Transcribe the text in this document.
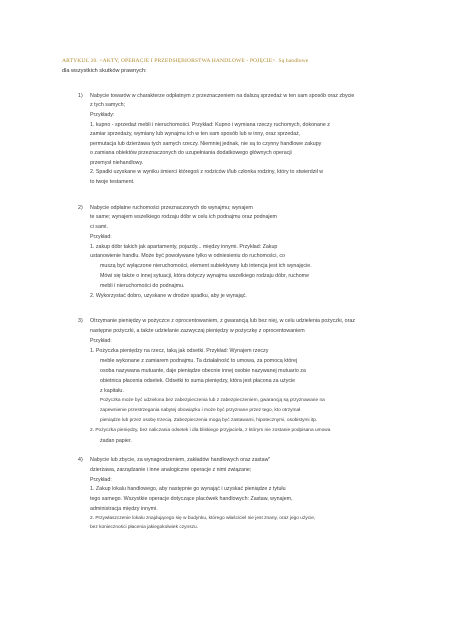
ARTYKUŁ 20. <AKTY, OPERACJE I PRZEDSIĘBIORSTWA HANDLOWE - POJĘCIE>. Są handlowe
dla wszystkich skutków prawnych:
1) Nabycie towarów w charakterze odpłatnym z przeznaczeniem na dalszą sprzedaż w ten sam sposób oraz zbycie
z tych samych;
Przykłady:
1. kupno - sprzedaż mebli i nieruchomości. Przykład: Kupno i wymiana rzeczy ruchomych, dokonane z
zamiar sprzedaży, wymiany lub wynajmu ich w ten sam sposób lub w inny, oraz sprzedaż,
permutacja lub dzierżawa tych samych rzeczy. Niemniej jednak, nie są to czynny handlowe zakupy
o zamiana obiektów przeznaczonych do uzupełniania dodatkowego głównych operacji
przemysł niehandlowy.
2. Spadki uzyskane w wyniku śmierci któregoś z rodziców i/lub członka rodziny, który to stwierdził w
to twoje testament.
2) Nabycie odpłatne ruchomości przeznaczonych do wynajmu; wynajem
te same; wynajem wszelkiego rodzaju dóbr w celu ich podnajmu oraz podnajem
ci sami.
Przykład:
1. zakup dóbr takich jak apartamenty, pojazdy... między innymi. Przykład: Zakup
ustanowienie handlu. Może być powoływane tylko w odniesieniu do ruchomości, co
muszą być wyłączone nieruchomości, element subiektywny lub intencja jest ich wynajęcie.
Mówi się także o innej sytuacji, która dotyczy wynajmu wszelkiego rodzaju dóbr, ruchome
mebli i nieruchomości do podnajmu.
2. Wykorzystać dobro, uzyskane w drodze spadku, aby je wynająć.
3) Otrzymanie pieniędzy w pożyczce z oprocentowaniem, z gwarancją lub bez niej, w celu udzielenia pożyczki, oraz
następne pożyczki, a także udzielanie zazwyczaj pieniędzy w pożyczkę z oprocentowaniem
Przykład:
1. Pożyczka pieniędzy na rzecz, taką jak odsetki. Przykład: Wynajem rzeczy
meble wykonane z zamiarem podnajmu. Ta działalność to umowa, za pomocą której
osoba nazywana mutuante, daje pieniądze obecnie innej osobie nazywanej mutuario za
obietnica płacenia odsetek. Odsetki to suma pieniędzy, która jest płacona za użycie
z kapitału.
Pożyczka może być udzielona bez zabezpieczenia lub z zabezpieczeniem, gwarancją są przyznawane na
zapewnienie przestrzegania nabytej obowiązku i może być przyznane przez tego, kto otrzymał
pieniądze lub przez osobę trzecią. Zabezpieczenia mogą być zastawami, hipotecznymi, osobistymi itp.
2. Pożyczka pieniędzy, bez naliczania odsetek i dla bliskiego przyjaciela, z którym nie zostanie podpisana umowa
żadan papier.
4) Nabycie lub zbycie, za wynagrodzeniem, zakładów handlowych oraz zastaw"
dzierżawa, zarządzanie i inne analogiczne operacje z nimi związane;
Przykład:
1. Zakup lokalu handlowego, aby następnie go wynająć i uzyskać pieniądze z tytułu
tego samego. Wszystkie operacje dotyczące placówek handlowych: Zastaw, wynajem,
administracja między innymi.
2. Przywłaszczenie lokalu znajdującego się w budynku, którego właściciel nie jest znany, oraz jego użycie,
bez konieczności płacenia jakiegokolwiek czynszu.
